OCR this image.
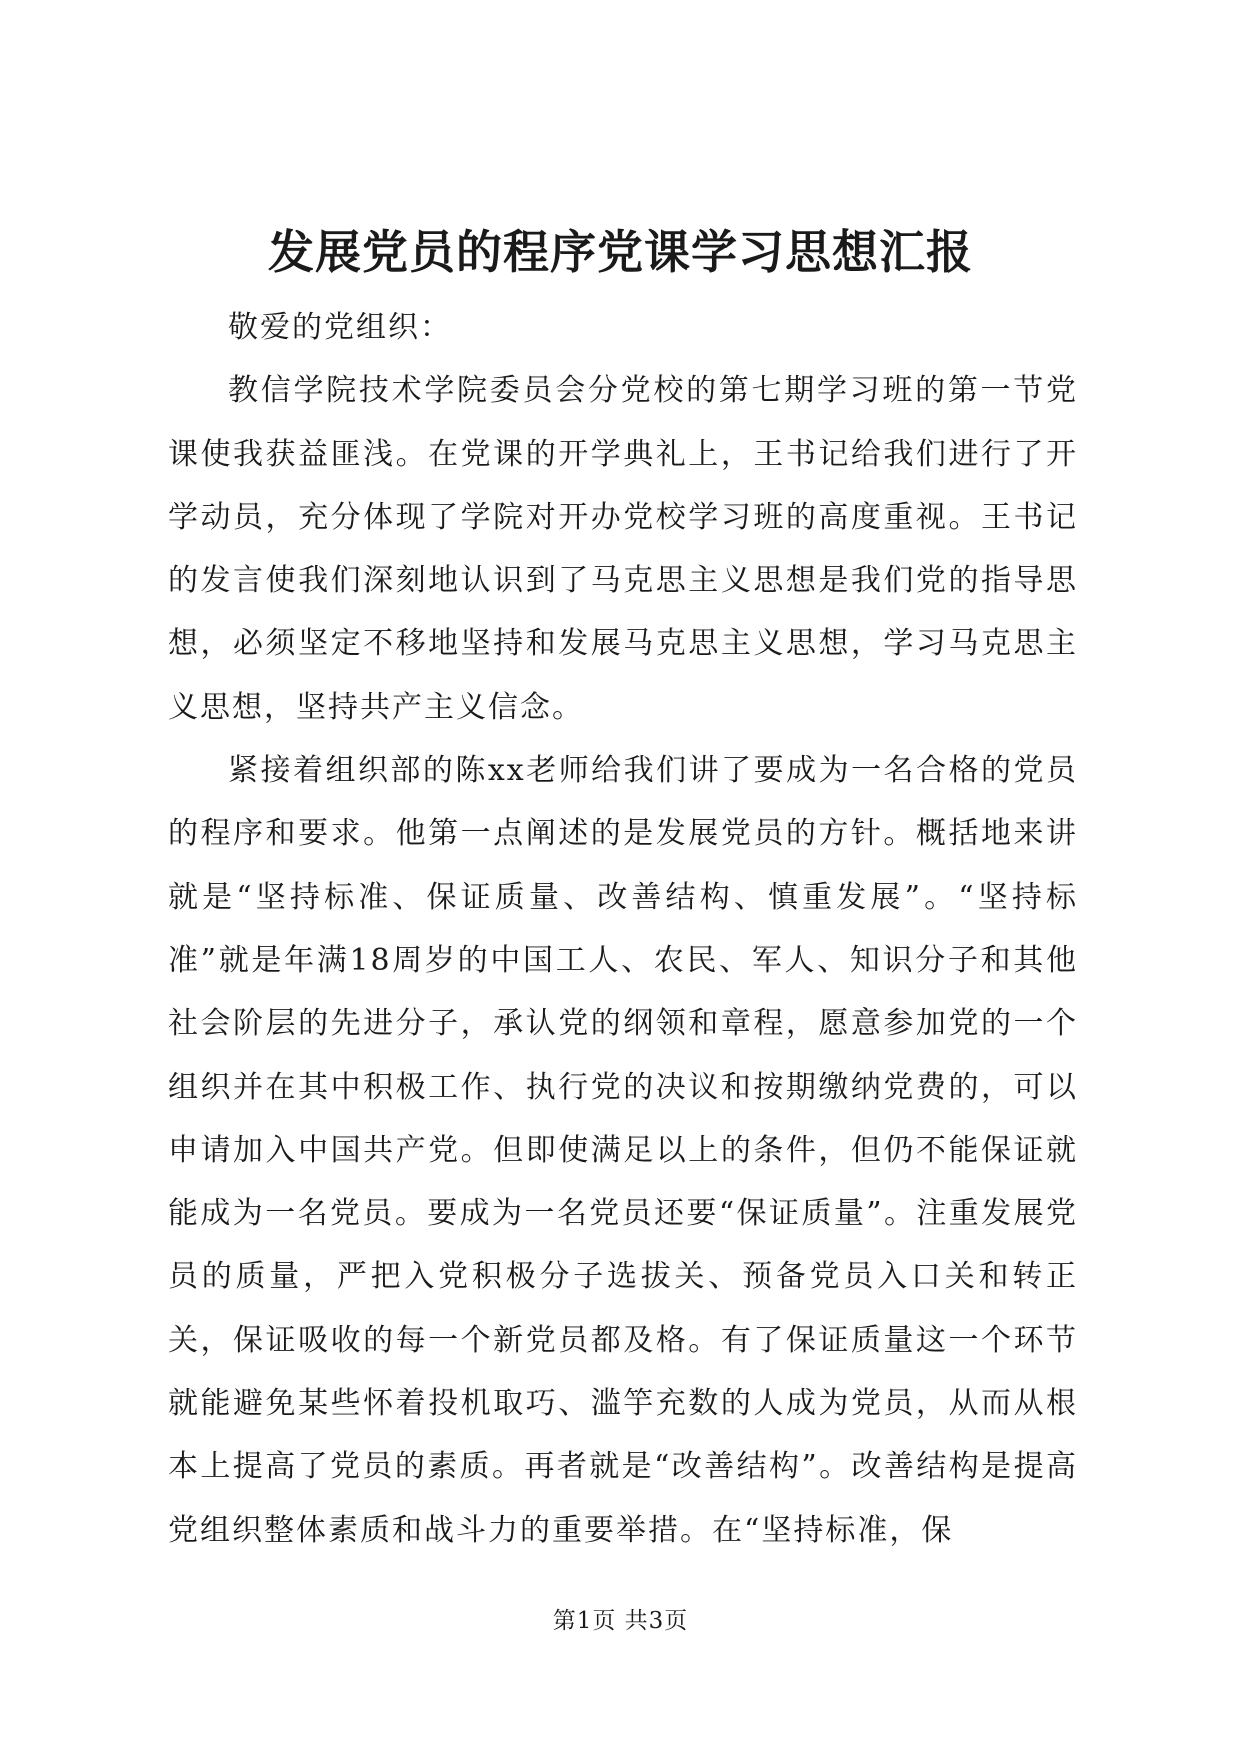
发展党员的程序党课学习思想汇报

敬爱的党组织：

教信学院技术学院委员会分党校的第七期学习班的第一节党课使我获益匪浅。在党课的开学典礼上，王书记给我们进行了开学动员，充分体现了学院对开办党校学习班的高度重视。王书记的发言使我们深刻地认识到了马克思主义思想是我们党的指导思想，必须坚定不移地坚持和发展马克思主义思想，学习马克思主义思想，坚持共产主义信念。

紧接着组织部的陈xx老师给我们讲了要成为一名合格的党员的程序和要求。他第一点阐述的是发展党员的方针。概括地来讲就是“坚持标准、保证质量、改善结构、慎重发展”。“坚持标准”就是年满18周岁的中国工人、农民、军人、知识分子和其他社会阶层的先进分子，承认党的纲领和章程，愿意参加党的一个组织并在其中积极工作、执行党的决议和按期缴纳党费的，可以申请加入中国共产党。但即使满足以上的条件，但仍不能保证就能成为一名党员。要成为一名党员还要“保证质量”。注重发展党员的质量，严把入党积极分子选拔关、预备党员入口关和转正关，保证吸收的每一个新党员都及格。有了保证质量这一个环节就能避免某些怀着投机取巧、滥竽充数的人成为党员，从而从根本上提高了党员的素质。再者就是“改善结构”。改善结构是提高党组织整体素质和战斗力的重要举措。在“坚持标准，保

第1页 共3页
